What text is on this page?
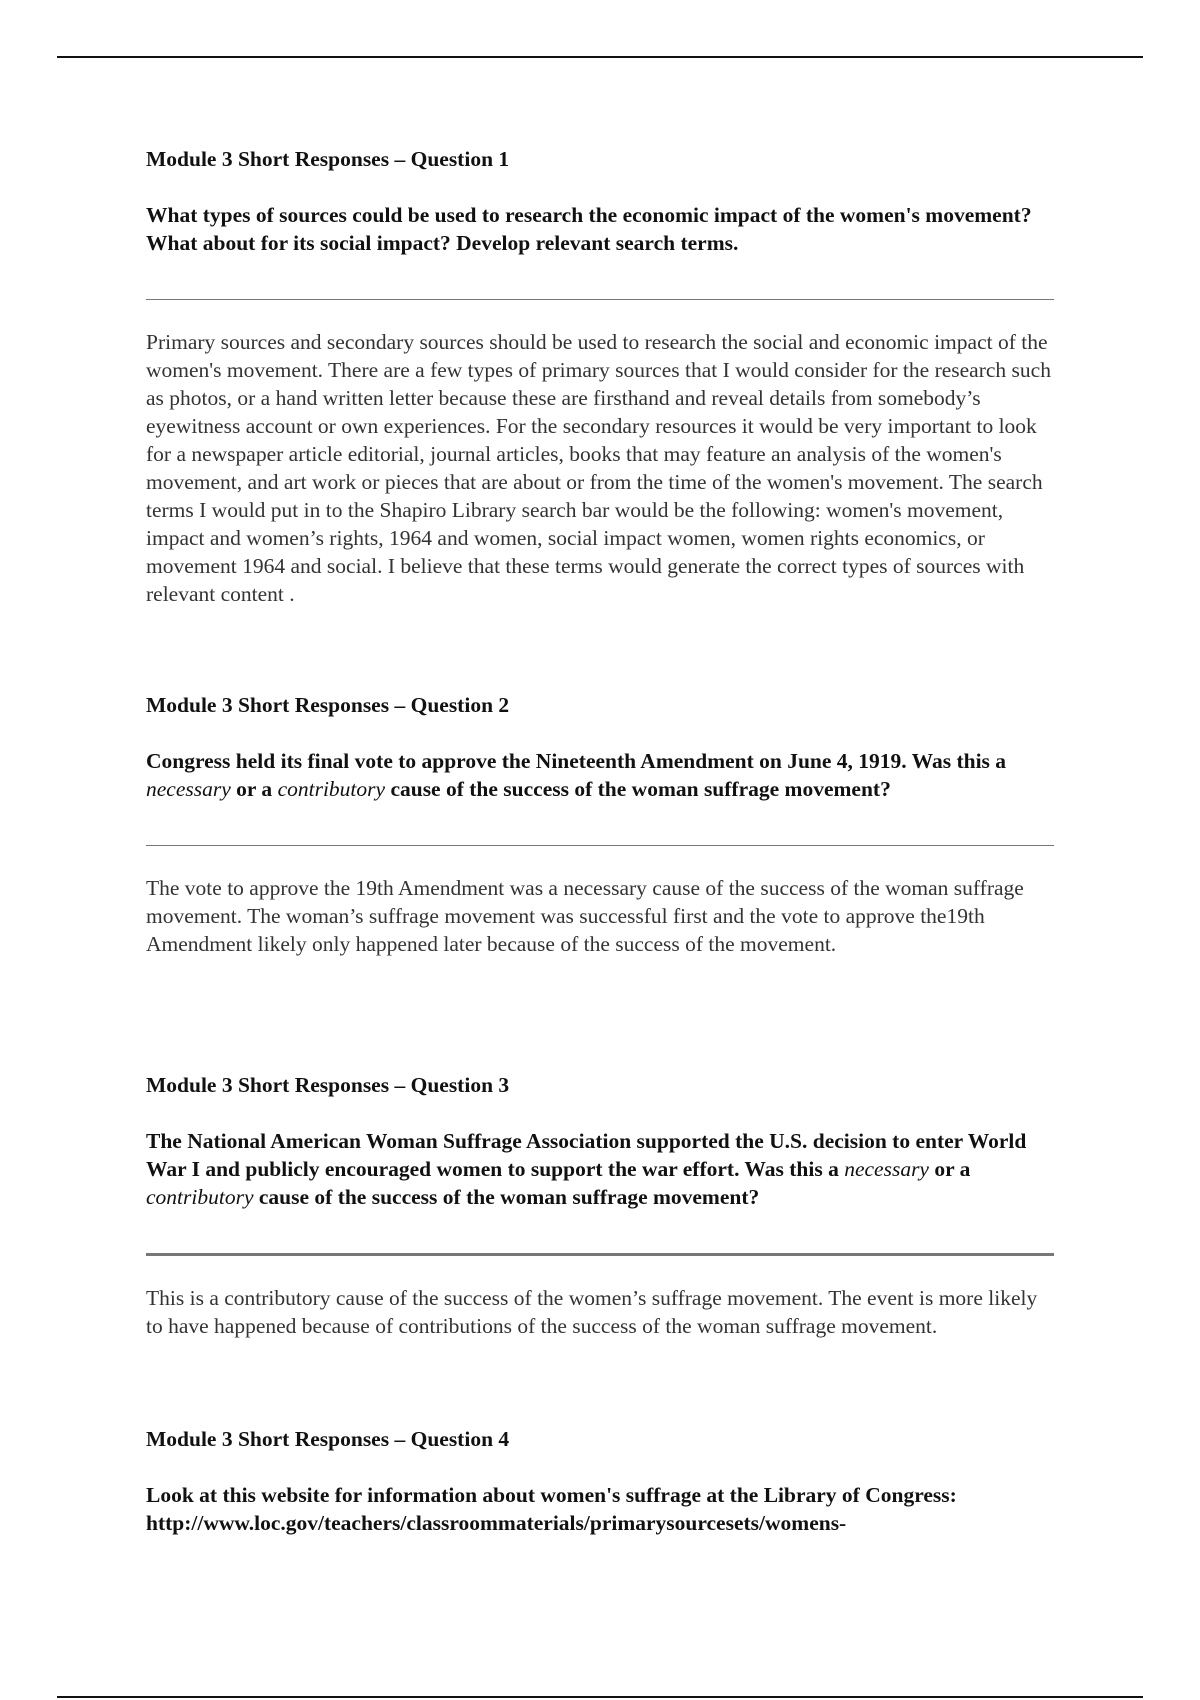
Module 3 Short Responses – Question 1

What types of sources could be used to research the economic impact of the women's movement? What about for its social impact? Develop relevant search terms.

Primary sources and secondary sources should be used to research the social and economic impact of the women's movement. There are a few types of primary sources that I would consider for the research such as photos, or a hand written letter because these are firsthand and reveal details from somebody’s eyewitness account or own experiences. For the secondary resources it would be very important to look for a newspaper article editorial, journal articles, books that may feature an analysis of the women's movement, and art work or pieces that are about or from the time of the women's movement. The search terms I would put in to the Shapiro Library search bar would be the following: women's movement, impact and women’s rights, 1964 and women, social impact women, women rights economics, or movement 1964 and social. I believe that these terms would generate the correct types of sources with relevant content .

Module 3 Short Responses – Question 2

Congress held its final vote to approve the Nineteenth Amendment on June 4, 1919. Was this a necessary or a contributory cause of the success of the woman suffrage movement?

The vote to approve the 19th Amendment was a necessary cause of the success of the woman suffrage movement. The woman’s suffrage movement was successful first and the vote to approve the19th Amendment likely only happened later because of the success of the movement.

Module 3 Short Responses – Question 3

The National American Woman Suffrage Association supported the U.S. decision to enter World War I and publicly encouraged women to support the war effort. Was this a necessary or a contributory cause of the success of the woman suffrage movement?

This is a contributory cause of the success of the women’s suffrage movement. The event is more likely to have happened because of contributions of the success of the woman suffrage movement.

Module 3 Short Responses – Question 4

Look at this website for information about women's suffrage at the Library of Congress: http://www.loc.gov/teachers/classroommaterials/primarysourcesets/womens-
